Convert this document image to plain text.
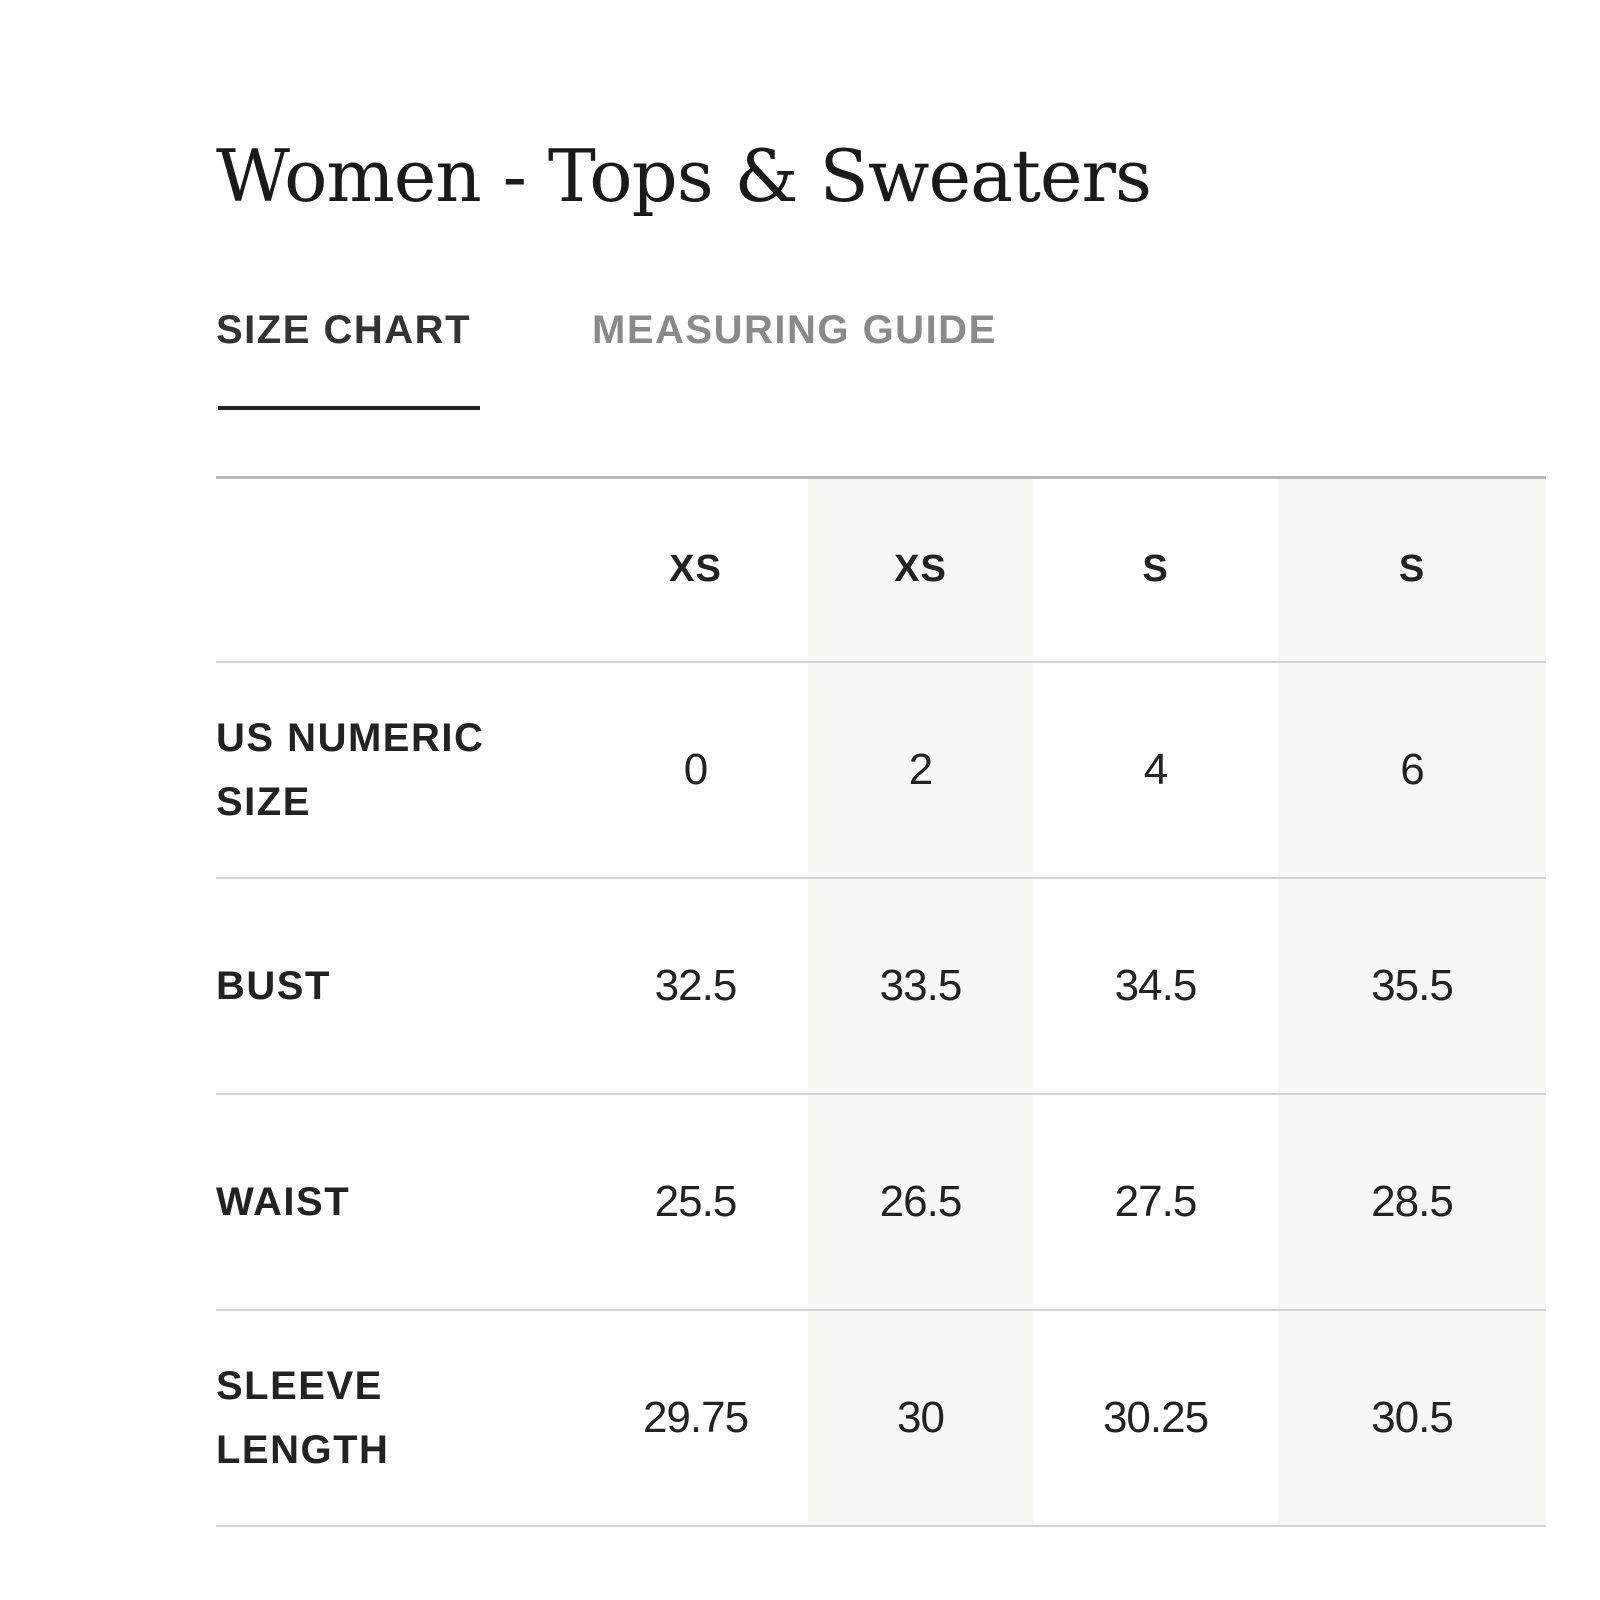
Women - Tops & Sweaters
SIZE CHART	MEASURING GUIDE
	XS	XS	S	S
US NUMERIC SIZE	0	2	4	6
BUST	32.5	33.5	34.5	35.5
WAIST	25.5	26.5	27.5	28.5
SLEEVE LENGTH	29.75	30	30.25	30.5
